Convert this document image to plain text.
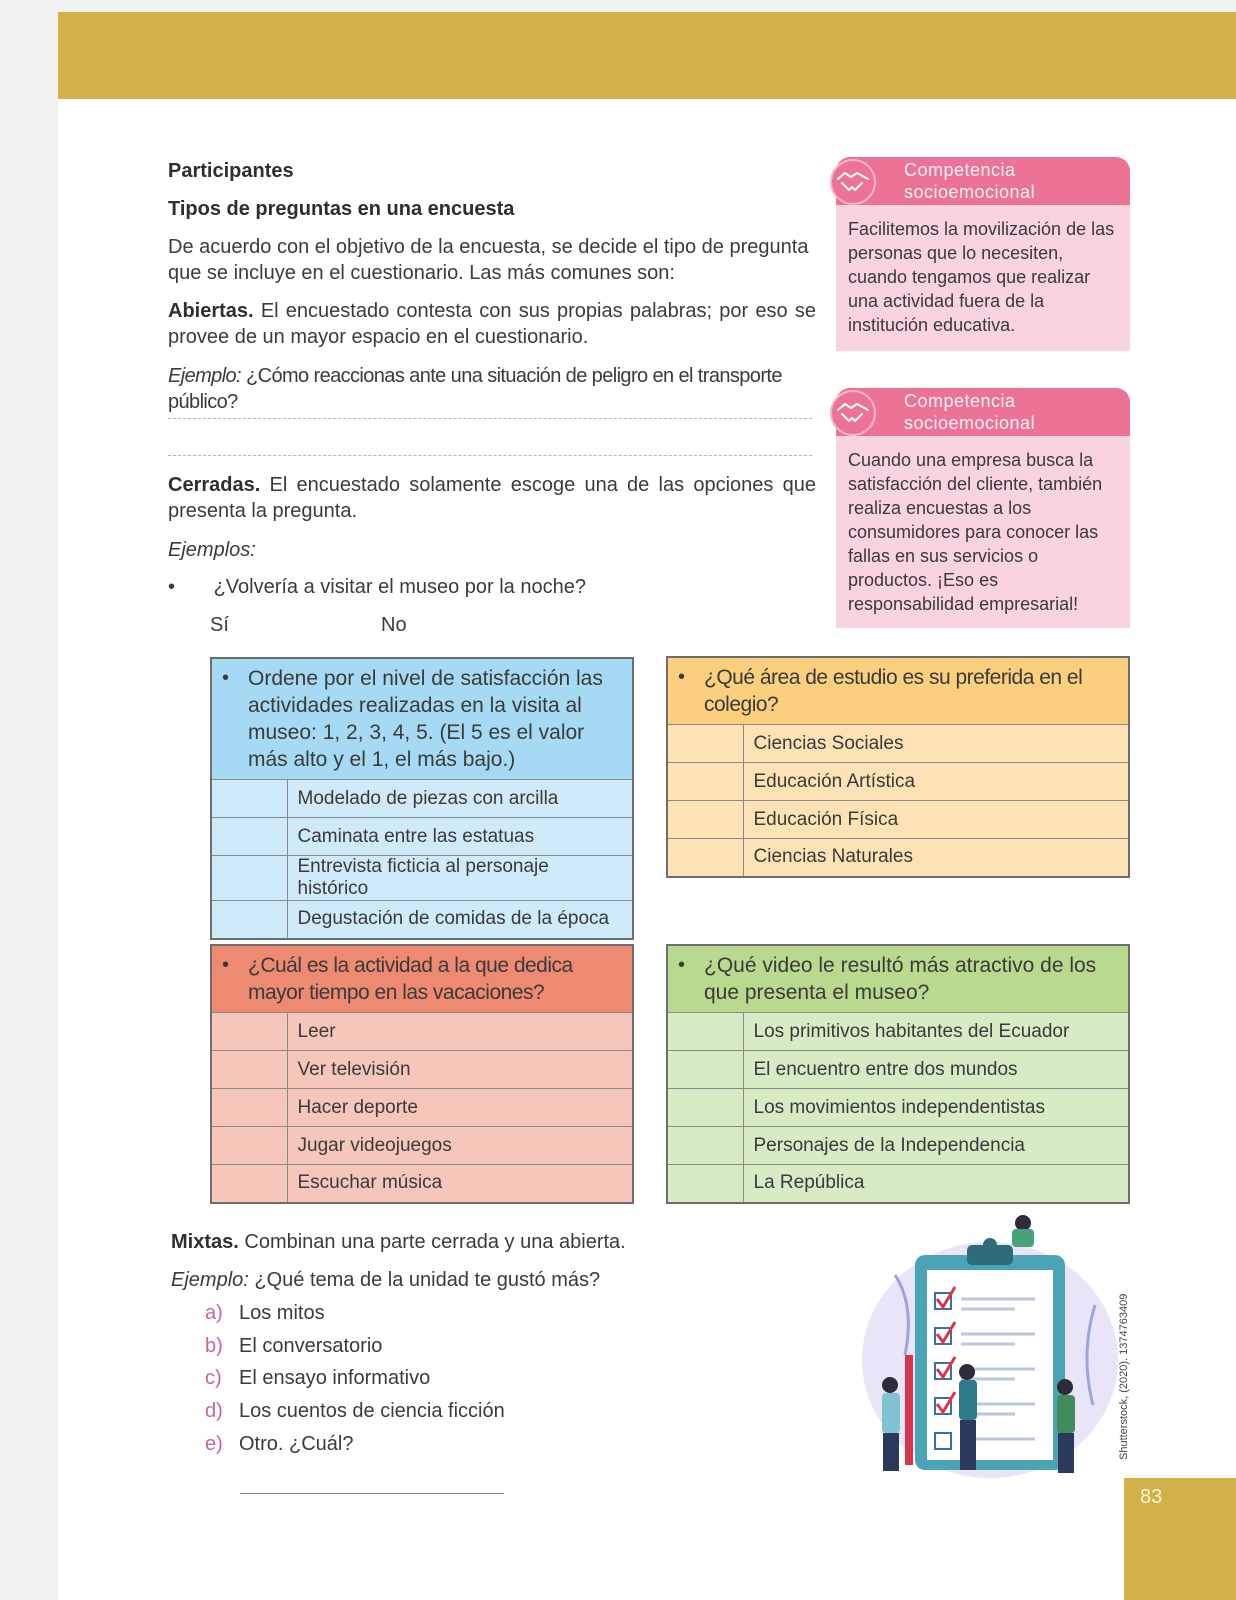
Participantes
Tipos de preguntas en una encuesta
De acuerdo con el objetivo de la encuesta, se decide el tipo de pregunta que se incluye en el cuestionario. Las más comunes son:
Abiertas. El encuestado contesta con sus propias palabras; por eso se provee de un mayor espacio en el cuestionario.
Ejemplo: ¿Cómo reaccionas ante una situación de peligro en el transporte público?
Cerradas. El encuestado solamente escoge una de las opciones que presenta la pregunta.
Ejemplos:
• ¿Volvería a visitar el museo por la noche?
Sí	No
Competencia
socioemocional
Facilitemos la movilización de las personas que lo necesiten, cuando tengamos que realizar una actividad fuera de la institución educativa.
Competencia
socioemocional
Cuando una empresa busca la satisfacción del cliente, también realiza encuestas a los consumidores para conocer las fallas en sus servicios o productos. ¡Eso es responsabilidad empresarial!
• Ordene por el nivel de satisfacción las actividades realizadas en la visita al museo: 1, 2, 3, 4, 5. (El 5 es el valor más alto y el 1, el más bajo.)	

	Modelado de piezas con arcilla
	Caminata entre las estatuas
	Entrevista ficticia al personaje histórico
	Degustación de comidas de la época
• ¿Qué área de estudio es su preferida en el colegio?	

	Ciencias Sociales
	Educación Artística
	Educación Física
	Ciencias Naturales
• ¿Cuál es la actividad a la que dedica mayor tiempo en las vacaciones?	

	Leer
	Ver televisión
	Hacer deporte
	Jugar videojuegos
	Escuchar música
• ¿Qué video le resultó más atractivo de los que presenta el museo?	

	Los primitivos habitantes del Ecuador
	El encuentro entre dos mundos
	Los movimientos independentistas
	Personajes de la Independencia
	La República
Mixtas. Combinan una parte cerrada y una abierta.
Ejemplo: ¿Qué tema de la unidad te gustó más?
a) Los mitos
b) El conversatorio
c) El ensayo informativo
d) Los cuentos de ciencia ficción
e) Otro. ¿Cuál?	Shutterstock, (2020). 1374763409
83
